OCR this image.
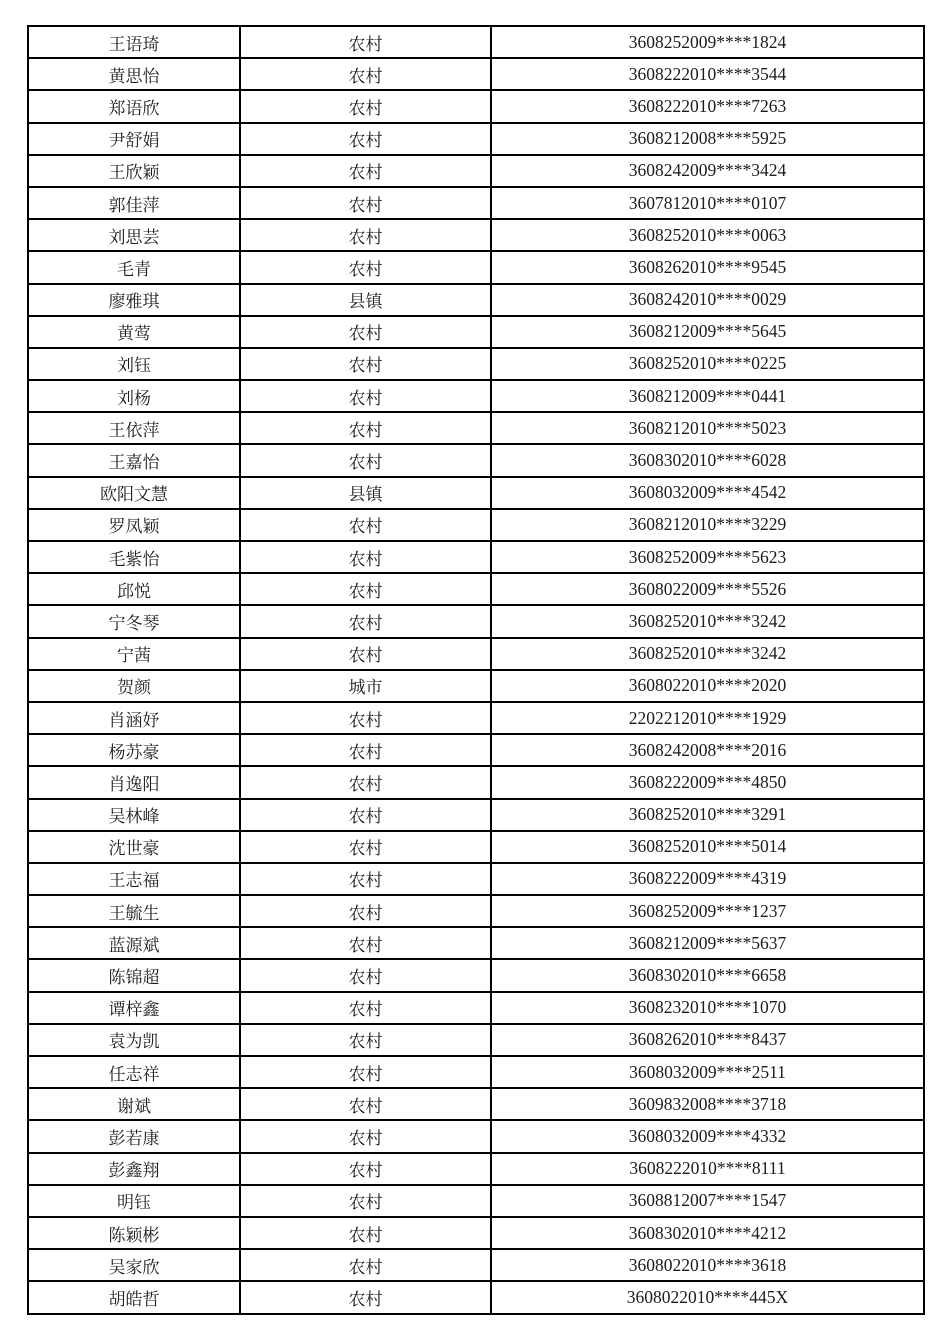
王语琦	农村	3608252009****1824
黄思怡	农村	3608222010****3544
郑语欣	农村	3608222010****7263
尹舒娟	农村	3608212008****5925
王欣颖	农村	3608242009****3424
郭佳萍	农村	3607812010****0107
刘思芸	农村	3608252010****0063
毛青	农村	3608262010****9545
廖雅琪	县镇	3608242010****0029
黄莺	农村	3608212009****5645
刘钰	农村	3608252010****0225
刘杨	农村	3608212009****0441
王依萍	农村	3608212010****5023
王嘉怡	农村	3608302010****6028
欧阳文慧	县镇	3608032009****4542
罗凤颖	农村	3608212010****3229
毛紫怡	农村	3608252009****5623
邱悦	农村	3608022009****5526
宁冬琴	农村	3608252010****3242
宁茜	农村	3608252010****3242
贺颜	城市	3608022010****2020
肖涵妤	农村	2202212010****1929
杨苏豪	农村	3608242008****2016
肖逸阳	农村	3608222009****4850
吴林峰	农村	3608252010****3291
沈世豪	农村	3608252010****5014
王志福	农村	3608222009****4319
王毓生	农村	3608252009****1237
蓝源斌	农村	3608212009****5637
陈锦超	农村	3608302010****6658
谭梓鑫	农村	3608232010****1070
袁为凯	农村	3608262010****8437
任志祥	农村	3608032009****2511
谢斌	农村	3609832008****3718
彭若康	农村	3608032009****4332
彭鑫翔	农村	3608222010****8111
明钰	农村	3608812007****1547
陈颖彬	农村	3608302010****4212
吴家欣	农村	3608022010****3618
胡皓哲	农村	3608022010****445X
